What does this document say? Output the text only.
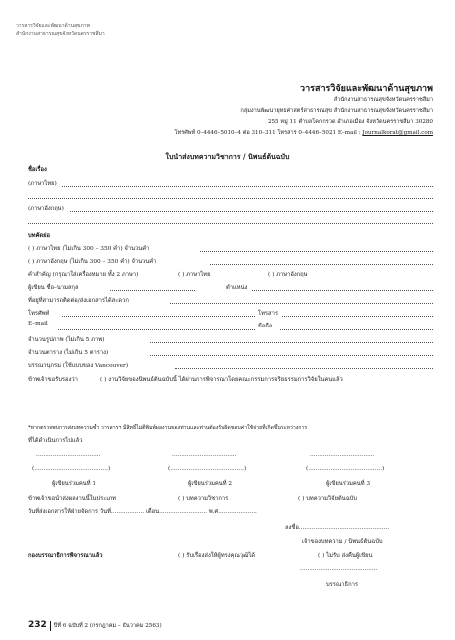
วารสารวิจัยและพัฒนาด้านสุขภาพ
สำนักงานสาธารณสุขจังหวัดนครราชสีมา
วารสารวิจัยและพัฒนาด้านสุขภาพ
สำนักงานสาธารณสุขจังหวัดนครราชสีมา
กลุ่มงานพัฒนายุทธศาสตร์สาธารณสุข สำนักงานสาธารณสุขจังหวัดนครราชสีมา
255 หมู่ 11 ตำบลโคกกรวด อำเภอเมือง จังหวัดนครราชสีมา 30280
โทรศัพท์ 0–4446–5010–4 ต่อ 310–311 โทรสาร 0–4446–5021 E–mail : Journalkorat@gmail.com
ใบนำส่งบทความวิชาการ / นิพนธ์ต้นฉบับ
ชื่อเรื่อง
(ภาษาไทย)
(ภาษาอังกฤษ)
บทคัดย่อ
( ) ภาษาไทย (ไม่เกิน 300 – 350 คำ) จำนวนคำ
( ) ภาษาอังกฤษ (ไม่เกิน 300 – 350 คำ) จำนวนคำ
คำสำคัญ (กรุณาใส่เครื่องหมาย ทั้ง 2 ภาษา)	( ) ภาษาไทย	( ) ภาษาอังกฤษ
ผู้เขียน ชื่อ–นามสกุล	ตำแหน่ง
ที่อยู่ที่สามารถติดต่อ/ส่งเอกสารได้สะดวก
โทรศัพท์	โทรสาร
E–mail	มือถือ
จำนวนรูปภาพ (ไม่เกิน 5 ภาพ)
จำนวนตาราง (ไม่เกิน 5 ตาราง)
บรรณานุกรม (ใช้แบบของ Vancouver)
ข้าพเจ้าขอรับรองว่า	( ) งานวิจัยของนิพนธ์ต้นฉบับนี้ ได้ผ่านการพิจารณาโดยคณะกรรมการจริยธรรมการวิจัยในคนแล้ว
*หากตรวจพบการส่งบทความซ้ำ วารสารฯ มีสิทธิ์ไม่ตีพิมพ์ผลงานของท่านและท่านต้องรับผิดชอบค่าใช้จ่ายที่เกิดขึ้นระหว่างการ
ที่ได้ดำเนินการไปแล้ว
...................................	...................................	...................................
(........................................)	(........................................)	(........................................)
ผู้เขียนร่วมคนที่ 1	ผู้เขียนร่วมคนที่ 2	ผู้เขียนร่วมคนที่ 3
ข้าพเจ้าขอนำส่งผลงานนี้ในประเภท	( ) บทความวิชาการ	( ) บทความวิจัยต้นฉบับ
วันที่ส่งเอกสารให้ฝ่ายจัดการ วันที่.................. เดือน.......................... พ.ศ.....................
ลงชื่อ.................................................
เจ้าของบทความ / นิพนธ์ต้นฉบับ
กองบรรณาธิการพิจารณาแล้ว	( ) รับเรื่องส่งให้ผู้ทรงคุณวุฒิได้	( ) ไม่รับ ส่งคืนผู้เขียน
..........................................
บรรณาธิการ
232 ปีที่ 6 ฉบับที่ 2 (กรกฎาคม – ธันวาคม 2563)
